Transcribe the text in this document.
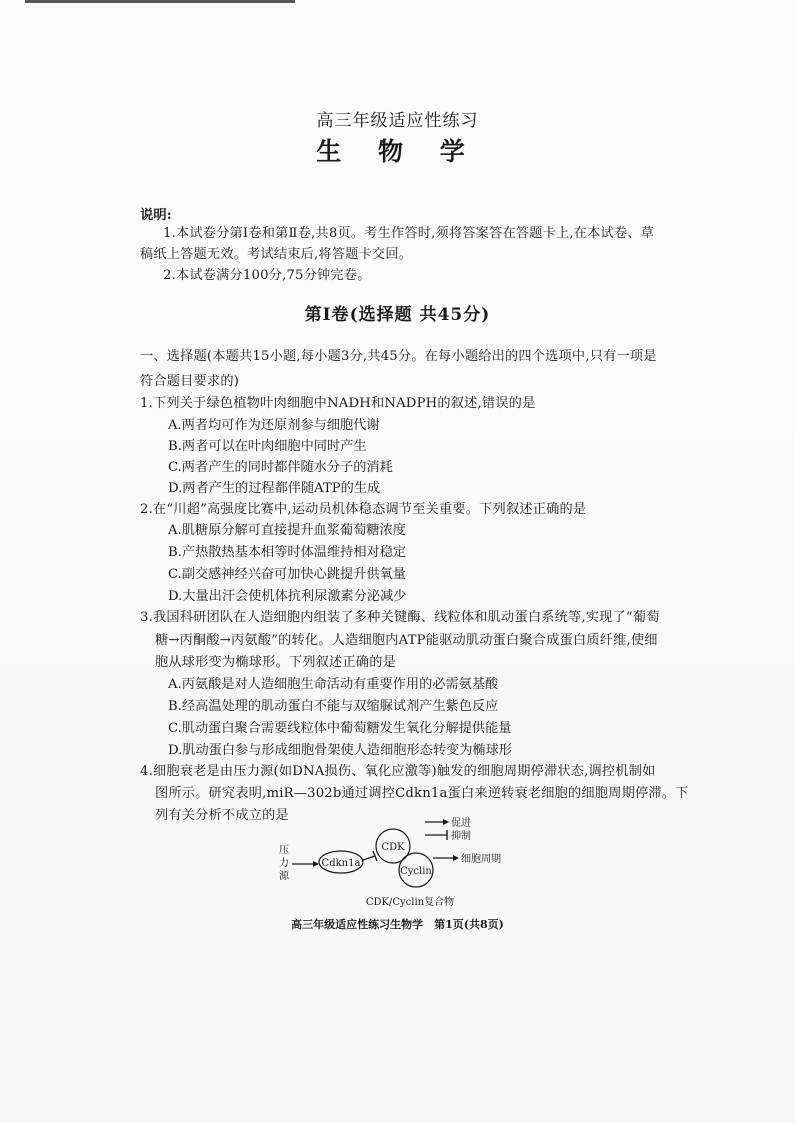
高三年级适应性练习
生 物 学
说明:
1.本试卷分第Ⅰ卷和第Ⅱ卷,共8页。考生作答时,须将答案答在答题卡上,在本试卷、草
稿纸上答题无效。考试结束后,将答题卡交回。
2.本试卷满分100分,75分钟完卷。
第Ⅰ卷(选择题 共45分)
一、选择题(本题共15小题,每小题3分,共45分。在每小题给出的四个选项中,只有一项是
符合题目要求的)
1.下列关于绿色植物叶肉细胞中NADH和NADPH的叙述,错误的是
A.两者均可作为还原剂参与细胞代谢
B.两者可以在叶肉细胞中同时产生
C.两者产生的同时都伴随水分子的消耗
D.两者产生的过程都伴随ATP的生成
2.在“川超”高强度比赛中,运动员机体稳态调节至关重要。下列叙述正确的是
A.肌糖原分解可直接提升血浆葡萄糖浓度
B.产热散热基本相等时体温维持相对稳定
C.副交感神经兴奋可加快心跳提升供氧量
D.大量出汗会使机体抗利尿激素分泌减少
3.我国科研团队在人造细胞内组装了多种关键酶、线粒体和肌动蛋白系统等,实现了“葡萄
糖→丙酮酸→丙氨酸”的转化。人造细胞内ATP能驱动肌动蛋白聚合成蛋白质纤维,使细
胞从球形变为椭球形。下列叙述正确的是
A.丙氨酸是对人造细胞生命活动有重要作用的必需氨基酸
B.经高温处理的肌动蛋白不能与双缩脲试剂产生紫色反应
C.肌动蛋白聚合需要线粒体中葡萄糖发生氧化分解提供能量
D.肌动蛋白参与形成细胞骨架使人造细胞形态转变为椭球形
4.细胞衰老是由压力源(如DNA损伤、氧化应激等)触发的细胞周期停滞状态,调控机制如
图所示。研究表明,miR—302b通过调控Cdkn1a蛋白来逆转衰老细胞的细胞周期停滞。下
列有关分析不成立的是
促进
抑制
压
力
源
Cdkn1a
CDK
Cyclin
细胞周期
CDK/Cyclin复合物
高三年级适应性练习生物学　第1页(共8页)
